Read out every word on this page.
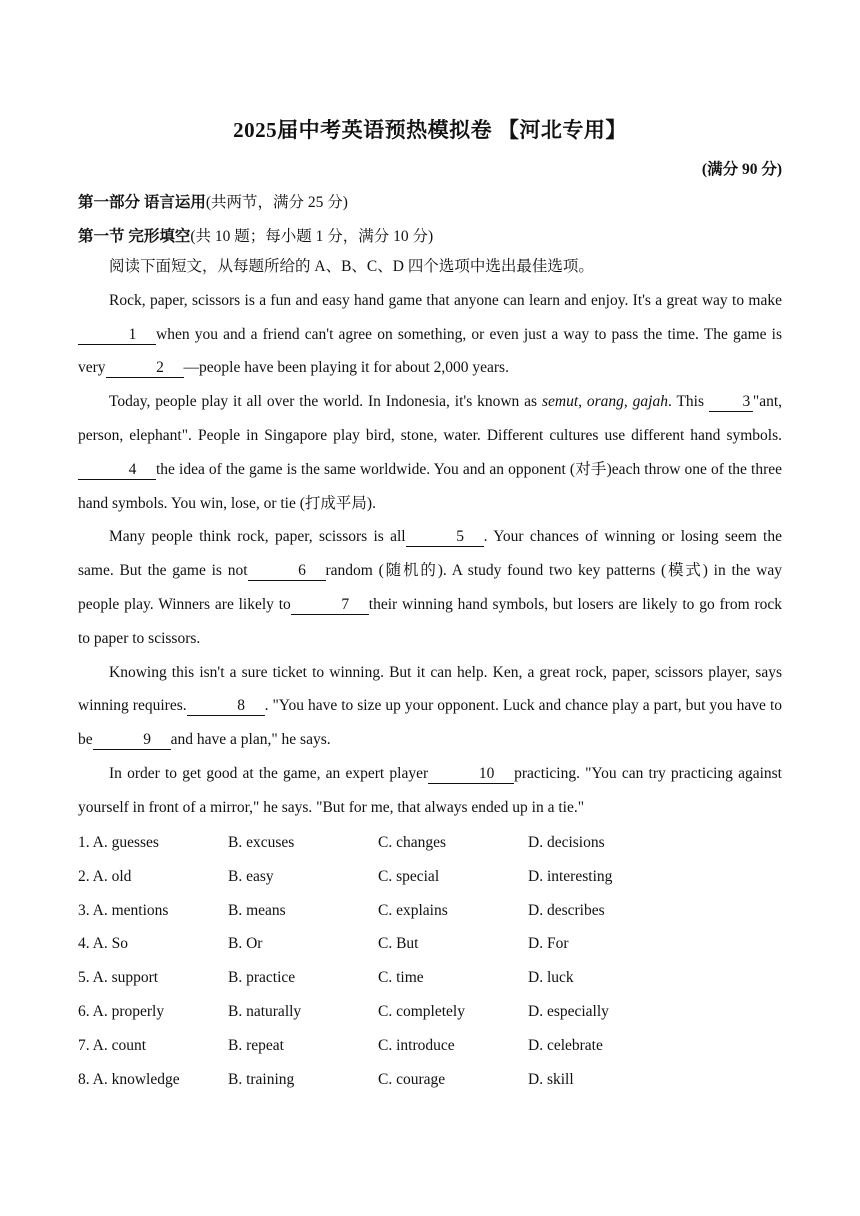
2025届中考英语预热模拟卷 【河北专用】
(满分 90 分)
第一部分 语言运用(共两节，满分 25 分)
第一节 完形填空(共 10 题；每小题 1 分，满分 10 分)

阅读下面短文，从每题所给的 A、B、C、D 四个选项中选出最佳选项。

Rock, paper, scissors is a fun and easy hand game that anyone can learn and enjoy. It's a great way to make1 when you and a friend can't agree on something, or even just a way to pass the time. The game is very	2 —people have been playing it for about 2,000 years.

Today, people play it all over the world. In Indonesia, it's known as semut, orang, gajah. This 3 "ant, person, elephant". People in Singapore play bird, stone, water. Different cultures use different hand symbols.4 the idea of the game is the same worldwide. You and an opponent (对手)each throw one of the three hand symbols. You win, lose, or tie (打成平局).

Many people think rock, paper, scissors is all	5 . Your chances of winning or losing seem the same. But the game is not	6 random (随机的). A study found two key patterns (模式) in the way people play. Winners are likely to	7 their winning hand symbols, but losers are likely to go from rock to paper to scissors.

Knowing this isn't a sure ticket to winning. But it can help. Ken, a great rock, paper, scissors player, says winning requires.	8 . "You have to size up your opponent. Luck and chance play a part, but you have to be	9 and have a plan," he says.

In order to get good at the game, an expert player	10 practicing. "You can try practicing against yourself in front of a mirror," he says. "But for me, that always ended up in a tie."

1. A. guesses	B. excuses	C. changes	D. decisions
2. A. old	B. easy	C. special	D. interesting
3. A. mentions	B. means	C. explains	D. describes
4. A. So	B. Or	C. But	D. For
5. A. support	B. practice	C. time	D. luck
6. A. properly	B. naturally	C. completely	D. especially
7. A. count	B. repeat	C. introduce	D. celebrate
8. A. knowledge	B. training	C. courage	D. skill
